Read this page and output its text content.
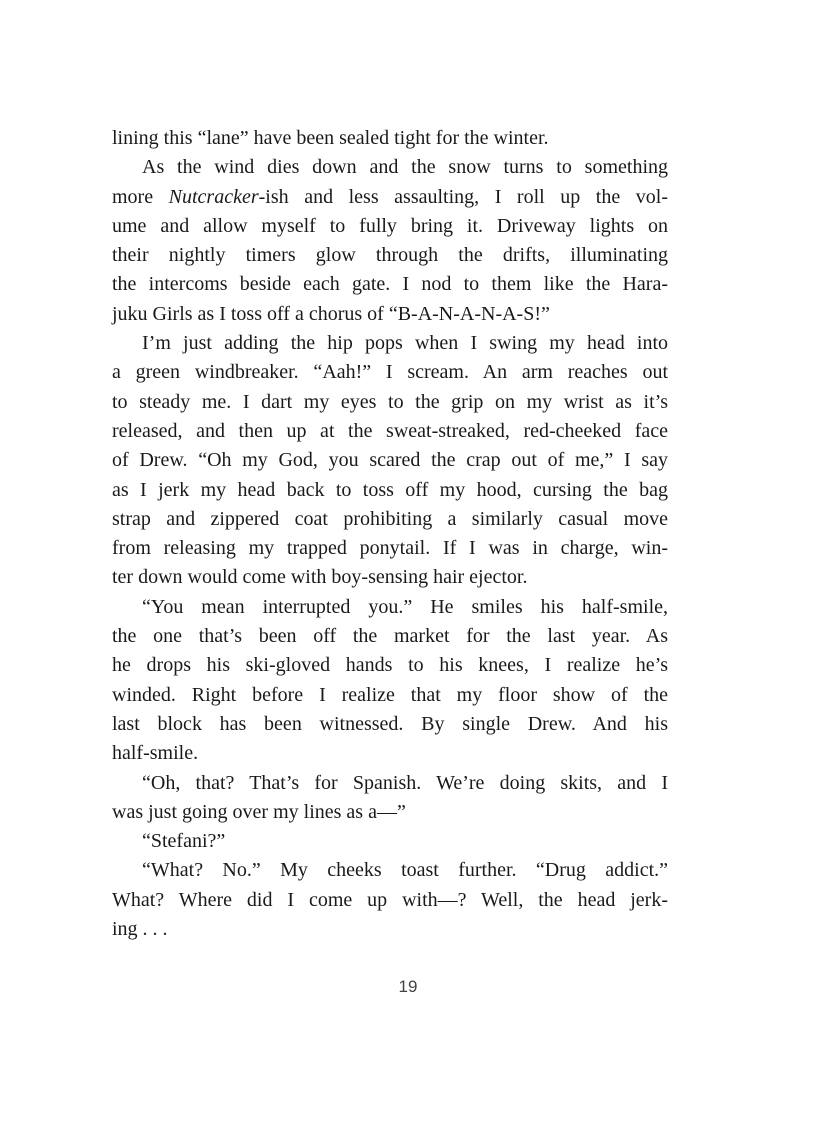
lining this “lane” have been sealed tight for the winter.
As the wind dies down and the snow turns to something
more Nutcracker-ish and less assaulting, I roll up the vol-
ume and allow myself to fully bring it. Driveway lights on
their nightly timers glow through the drifts, illuminating
the intercoms beside each gate. I nod to them like the Hara-
juku Girls as I toss off a chorus of “B-A-N-A-N-A-S!”
I’m just adding the hip pops when I swing my head into
a green windbreaker. “Aah!” I scream. An arm reaches out
to steady me. I dart my eyes to the grip on my wrist as it’s
released, and then up at the sweat-streaked, red-cheeked face
of Drew. “Oh my God, you scared the crap out of me,” I say
as I jerk my head back to toss off my hood, cursing the bag
strap and zippered coat prohibiting a similarly casual move
from releasing my trapped ponytail. If I was in charge, win-
ter down would come with boy-sensing hair ejector.
“You mean interrupted you.” He smiles his half-smile,
the one that’s been off the market for the last year. As
he drops his ski-gloved hands to his knees, I realize he’s
winded. Right before I realize that my floor show of the
last block has been witnessed. By single Drew. And his
half-smile.
“Oh, that? That’s for Spanish. We’re doing skits, and I
was just going over my lines as a—”
“Stefani?”
“What? No.” My cheeks toast further. “Drug addict.”
What? Where did I come up with—? Well, the head jerk-
ing . . .
19
